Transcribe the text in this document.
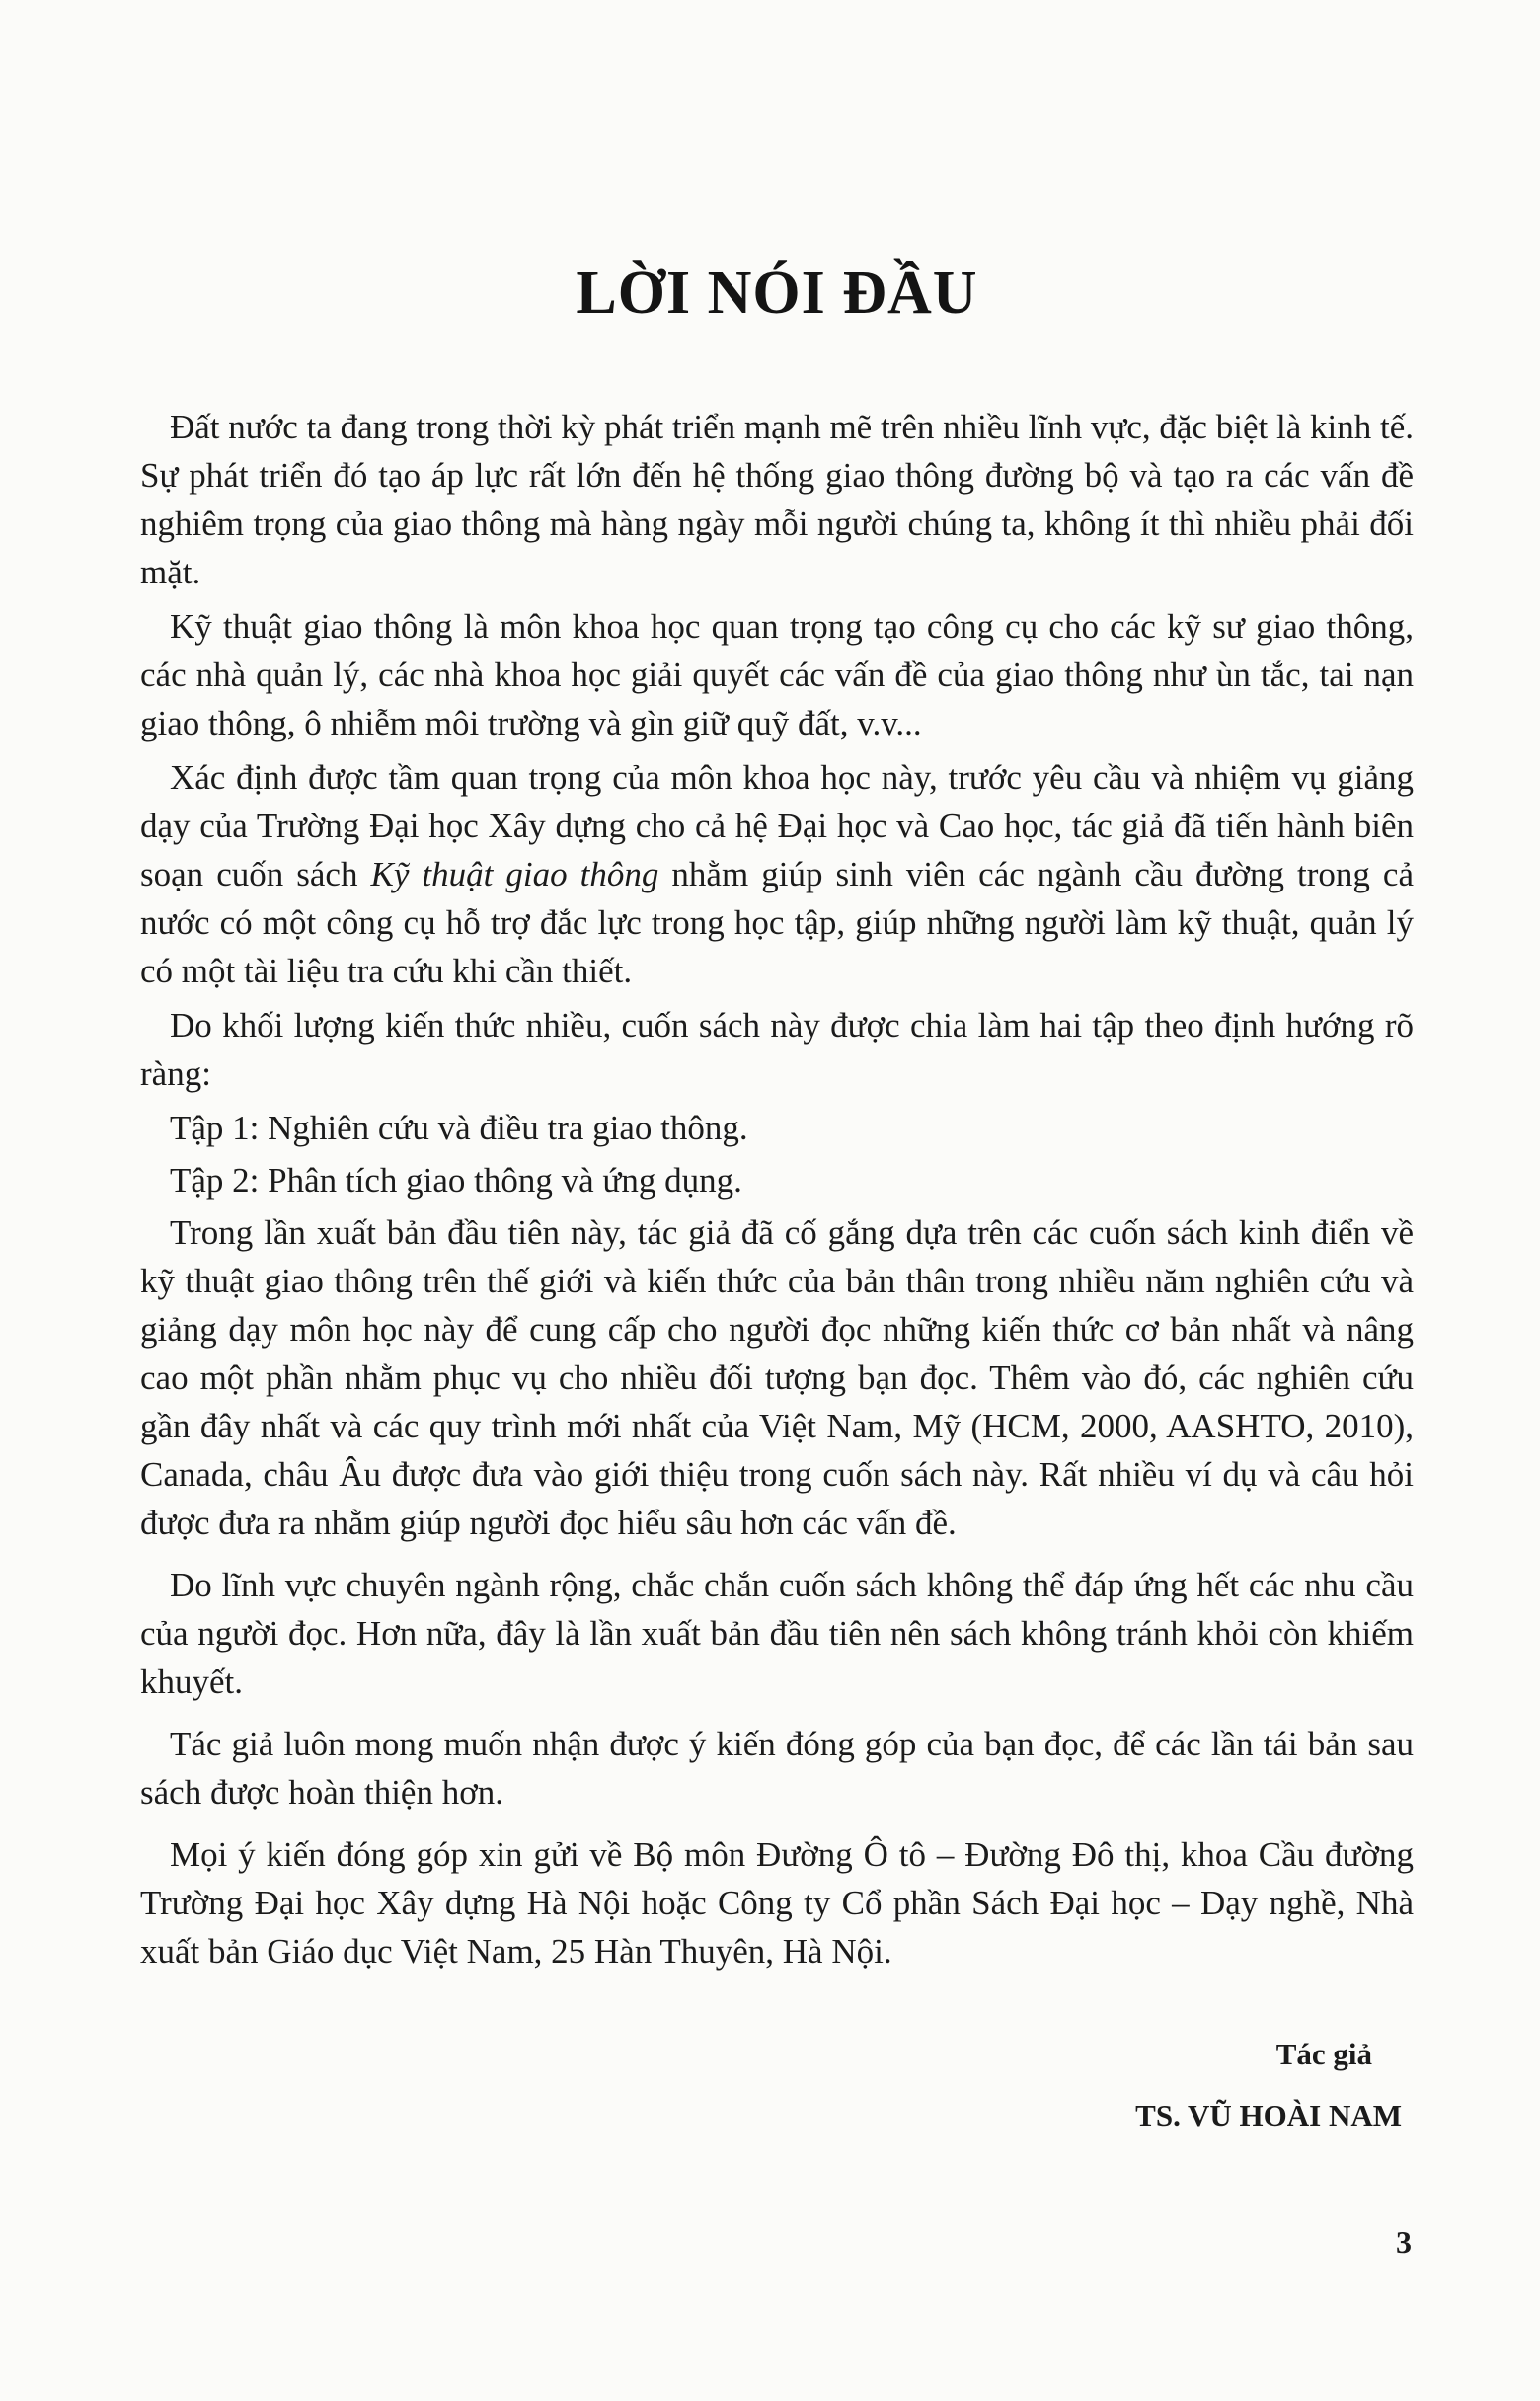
LỜI NÓI ĐẦU

Đất nước ta đang trong thời kỳ phát triển mạnh mẽ trên nhiều lĩnh vực, đặc biệt là kinh tế. Sự phát triển đó tạo áp lực rất lớn đến hệ thống giao thông đường bộ và tạo ra các vấn đề nghiêm trọng của giao thông mà hàng ngày mỗi người chúng ta, không ít thì nhiều phải đối mặt.

Kỹ thuật giao thông là môn khoa học quan trọng tạo công cụ cho các kỹ sư giao thông, các nhà quản lý, các nhà khoa học giải quyết các vấn đề của giao thông như ùn tắc, tai nạn giao thông, ô nhiễm môi trường và gìn giữ quỹ đất, v.v...

Xác định được tầm quan trọng của môn khoa học này, trước yêu cầu và nhiệm vụ giảng dạy của Trường Đại học Xây dựng cho cả hệ Đại học và Cao học, tác giả đã tiến hành biên soạn cuốn sách Kỹ thuật giao thông nhằm giúp sinh viên các ngành cầu đường trong cả nước có một công cụ hỗ trợ đắc lực trong học tập, giúp những người làm kỹ thuật, quản lý có một tài liệu tra cứu khi cần thiết.

Do khối lượng kiến thức nhiều, cuốn sách này được chia làm hai tập theo định hướng rõ ràng:

Tập 1: Nghiên cứu và điều tra giao thông.

Tập 2: Phân tích giao thông và ứng dụng.

Trong lần xuất bản đầu tiên này, tác giả đã cố gắng dựa trên các cuốn sách kinh điển về kỹ thuật giao thông trên thế giới và kiến thức của bản thân trong nhiều năm nghiên cứu và giảng dạy môn học này để cung cấp cho người đọc những kiến thức cơ bản nhất và nâng cao một phần nhằm phục vụ cho nhiều đối tượng bạn đọc. Thêm vào đó, các nghiên cứu gần đây nhất và các quy trình mới nhất của Việt Nam, Mỹ (HCM, 2000, AASHTO, 2010), Canada, châu Âu được đưa vào giới thiệu trong cuốn sách này. Rất nhiều ví dụ và câu hỏi được đưa ra nhằm giúp người đọc hiểu sâu hơn các vấn đề.

Do lĩnh vực chuyên ngành rộng, chắc chắn cuốn sách không thể đáp ứng hết các nhu cầu của người đọc. Hơn nữa, đây là lần xuất bản đầu tiên nên sách không tránh khỏi còn khiếm khuyết.

Tác giả luôn mong muốn nhận được ý kiến đóng góp của bạn đọc, để các lần tái bản sau sách được hoàn thiện hơn.

Mọi ý kiến đóng góp xin gửi về Bộ môn Đường Ô tô – Đường Đô thị, khoa Cầu đường Trường Đại học Xây dựng Hà Nội hoặc Công ty Cổ phần Sách Đại học – Dạy nghề, Nhà xuất bản Giáo dục Việt Nam, 25 Hàn Thuyên, Hà Nội.

Tác giả
TS. VŨ HOÀI NAM
3
